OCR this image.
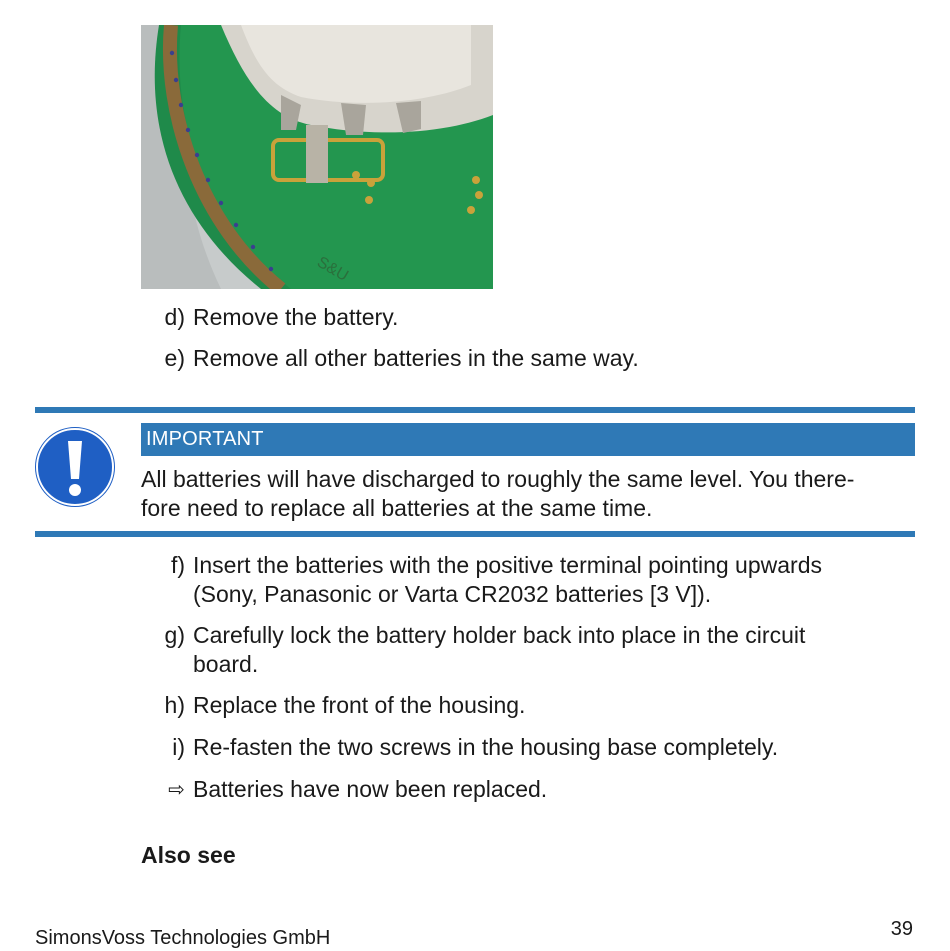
S&U
d) Remove the battery.
e) Remove all other batteries in the same way.
IMPORTANT
All batteries will have discharged to roughly the same level. You there-
fore need to replace all batteries at the same time.
f) Insert the batteries with the positive terminal pointing upwards
(Sony, Panasonic or Varta CR2032 batteries [3 V]).
g) Carefully lock the battery holder back into place in the circuit
board.
h) Replace the front of the housing.
i) Re-fasten the two screws in the housing base completely.
⇨ Batteries have now been replaced.
Also see
SimonsVoss Technologies GmbH	39
